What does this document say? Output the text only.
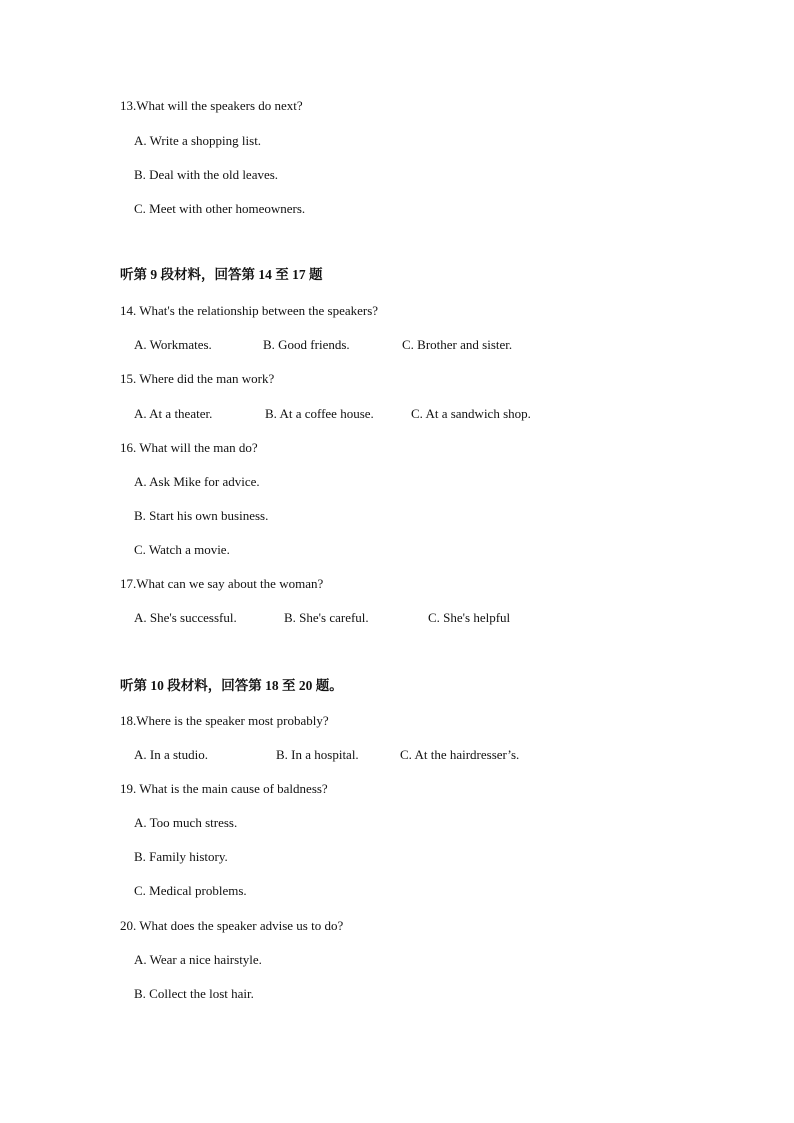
13.What will the speakers do next?
A. Write a shopping list.
B. Deal with the old leaves.
C. Meet with other homeowners.
听第 9 段材料，回答第 14 至 17 题
14. What's the relationship between the speakers?
A. Workmates.	B. Good friends.	C. Brother and sister.
15. Where did the man work?
A. At a theater.	B. At a coffee house.	C. At a sandwich shop.
16. What will the man do?
A. Ask Mike for advice.
B. Start his own business.
C. Watch a movie.
17.What can we say about the woman?
A. She's successful.	B. She's careful.	C. She's helpful
听第 10 段材料，回答第 18 至 20 题。
18.Where is the speaker most probably?
A. In a studio.	B. In a hospital.	C. At the hairdresser’s.
19. What is the main cause of baldness?
A. Too much stress.
B. Family history.
C. Medical problems.
20. What does the speaker advise us to do?
A. Wear a nice hairstyle.
B. Collect the lost hair.
